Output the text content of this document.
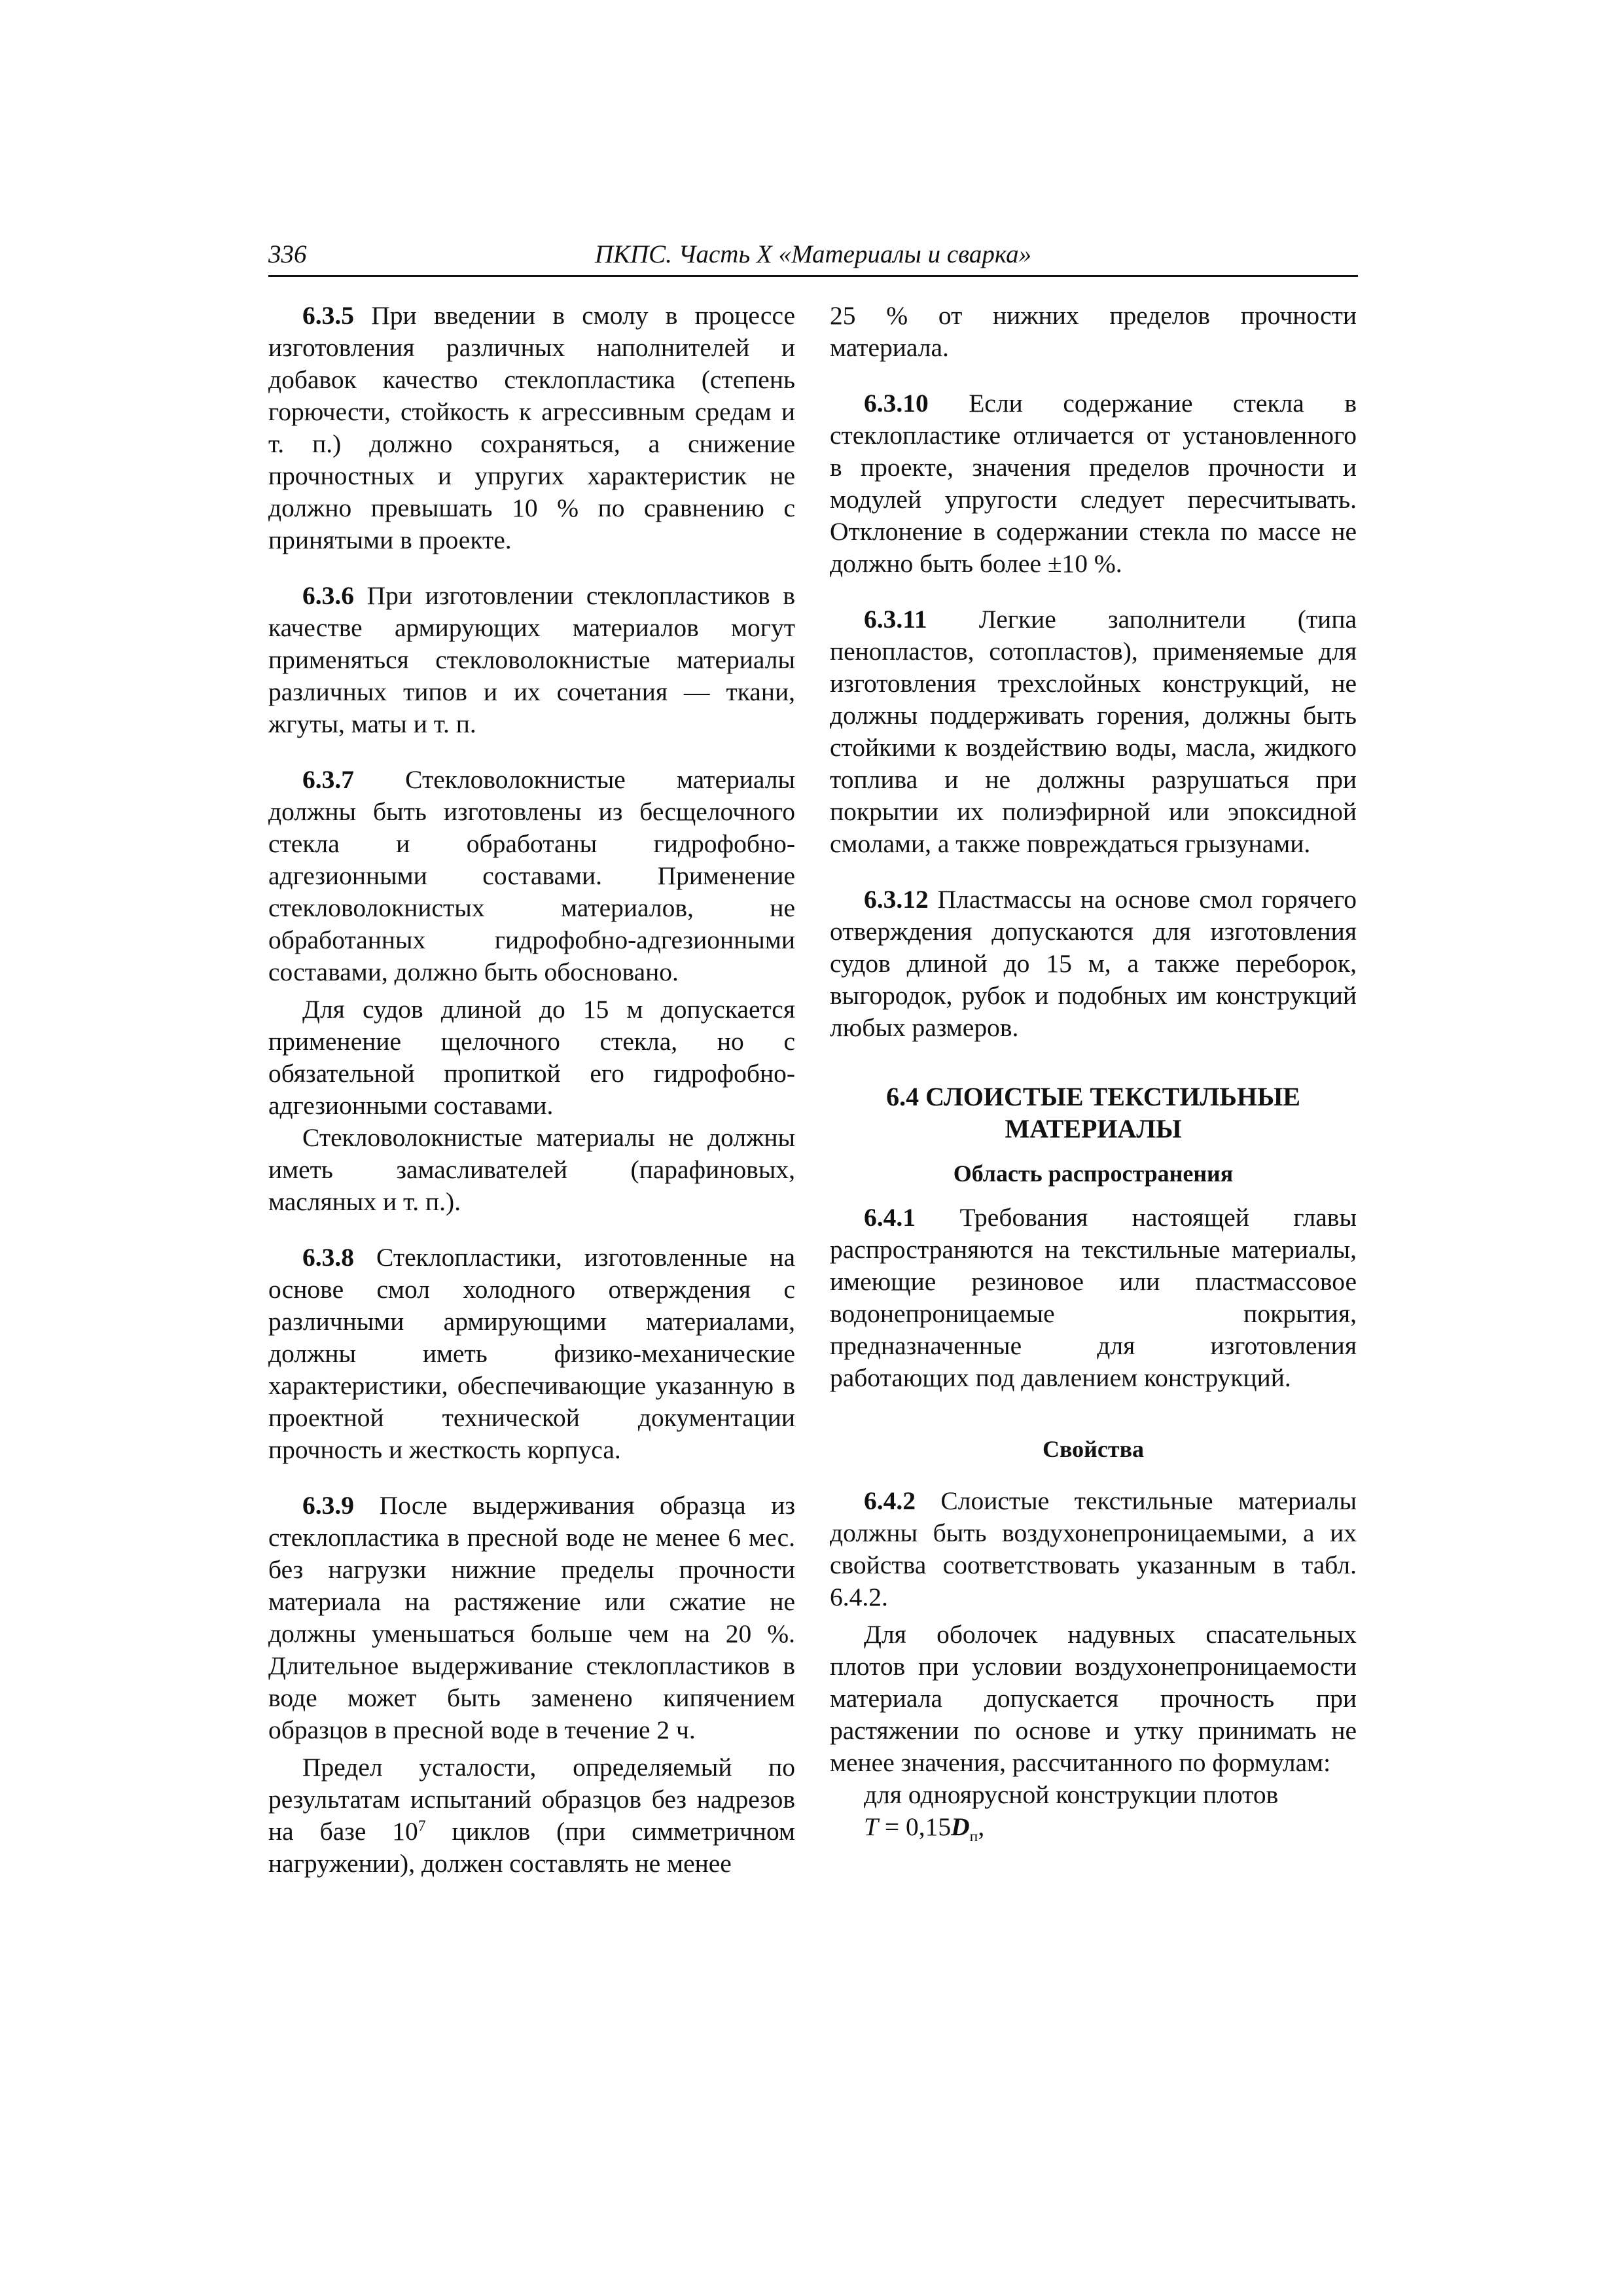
336	ПКПС. Часть X «Материалы и сварка»

6.3.5 При введении в смолу в процессе изготовления различных наполнителей и добавок качество стеклопластика (степень горючести, стойкость к агрессивным средам и т. п.) должно сохраняться, а снижение прочностных и упругих характеристик не должно превышать 10 % по сравнению с принятыми в проекте.

6.3.6 При изготовлении стеклопластиков в качестве армирующих материалов могут применяться стекловолокнистые материалы различных типов и их сочетания — ткани, жгуты, маты и т. п.

6.3.7 Стекловолокнистые материалы должны быть изготовлены из бесщелочного стекла и обработаны гидрофобно-адгезионными составами. Применение стекловолокнистых материалов, не обработанных гидрофобно-адгезионными составами, должно быть обосновано.

Для судов длиной до 15 м допускается применение щелочного стекла, но с обязательной пропиткой его гидрофобно-адгезионными составами.

Стекловолокнистые материалы не должны иметь замасливателей (парафиновых, масляных и т. п.).

6.3.8 Стеклопластики, изготовленные на основе смол холодного отверждения с различными армирующими материалами, должны иметь физико-механические характеристики, обеспечивающие указанную в проектной технической документации прочность и жесткость корпуса.

6.3.9 После выдерживания образца из стеклопластика в пресной воде не менее 6 мес. без нагрузки нижние пределы прочности материала на растяжение или сжатие не должны уменьшаться больше чем на 20 %. Длительное выдерживание стеклопластиков в воде может быть заменено кипячением образцов в пресной воде в течение 2 ч.

Предел усталости, определяемый по результатам испытаний образцов без надрезов на базе $10^7$ циклов (при симметричном нагружении), должен составлять не менее

25 % от нижних пределов прочности материала.

6.3.10 Если содержание стекла в стеклопластике отличается от установленного в проекте, значения пределов прочности и модулей упругости следует пересчитывать. Отклонение в содержании стекла по массе не должно быть более ±10 %.

6.3.11 Легкие заполнители (типа пенопластов, сотопластов), применяемые для изготовления трехслойных конструкций, не должны поддерживать горения, должны быть стойкими к воздействию воды, масла, жидкого топлива и не должны разрушаться при покрытии их полиэфирной или эпоксидной смолами, а также повреждаться грызунами.

6.3.12 Пластмассы на основе смол горячего отверждения допускаются для изготовления судов длиной до 15 м, а также переборок, выгородок, рубок и подобных им конструкций любых размеров.

6.4 СЛОИСТЫЕ ТЕКСТИЛЬНЫЕ МАТЕРИАЛЫ
Область распространения

6.4.1 Требования настоящей главы распространяются на текстильные материалы, имеющие резиновое или пластмассовое водонепроницаемые покрытия, предназначенные для изготовления работающих под давлением конструкций.

Свойства

6.4.2 Слоистые текстильные материалы должны быть воздухонепроницаемыми, а их свойства соответствовать указанным в табл. 6.4.2.

Для оболочек надувных спасательных плотов при условии воздухонепроницаемости материала допускается прочность при растяжении по основе и утку принимать не менее значения, рассчитанного по формулам:

для одноярусной конструкции плотов

$T = 0,15D_п$,
